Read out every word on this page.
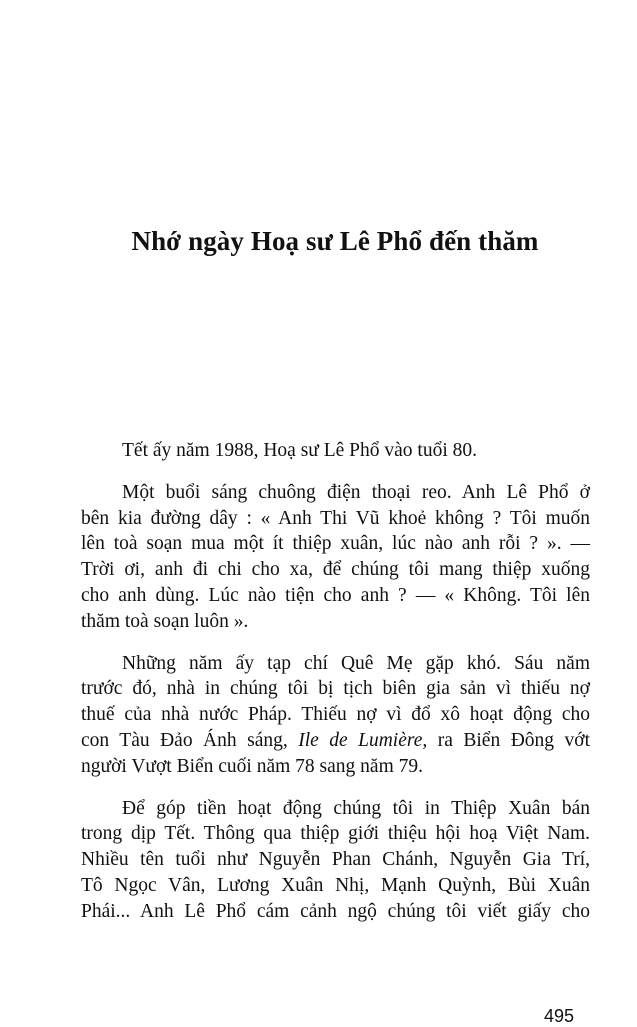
Nhớ ngày Hoạ sư Lê Phổ đến thăm

Tết ấy năm 1988, Hoạ sư Lê Phổ vào tuổi 80.

Một buổi sáng chuông điện thoại reo. Anh Lê Phổ ở
bên kia đường dây : « Anh Thi Vũ khoẻ không ? Tôi muốn
lên toà soạn mua một ít thiệp xuân, lúc nào anh rỗi ? ». —
Trời ơi, anh đi chi cho xa, để chúng tôi mang thiệp xuống
cho anh dùng. Lúc nào tiện cho anh ? — « Không. Tôi lên
thăm toà soạn luôn ».

Những năm ấy tạp chí Quê Mẹ gặp khó. Sáu năm
trước đó, nhà in chúng tôi bị tịch biên gia sản vì thiếu nợ
thuế của nhà nước Pháp. Thiếu nợ vì đổ xô hoạt động cho
con Tàu Đảo Ánh sáng, Ile de Lumière, ra Biển Đông vớt
người Vượt Biển cuối năm 78 sang năm 79.

Để góp tiền hoạt động chúng tôi in Thiệp Xuân bán
trong dịp Tết. Thông qua thiệp giới thiệu hội hoạ Việt Nam.
Nhiều tên tuổi như Nguyễn Phan Chánh, Nguyễn Gia Trí,
Tô Ngọc Vân, Lương Xuân Nhị, Mạnh Quỳnh, Bùi Xuân
Phái... Anh Lê Phổ cám cảnh ngộ chúng tôi viết giấy cho

495
